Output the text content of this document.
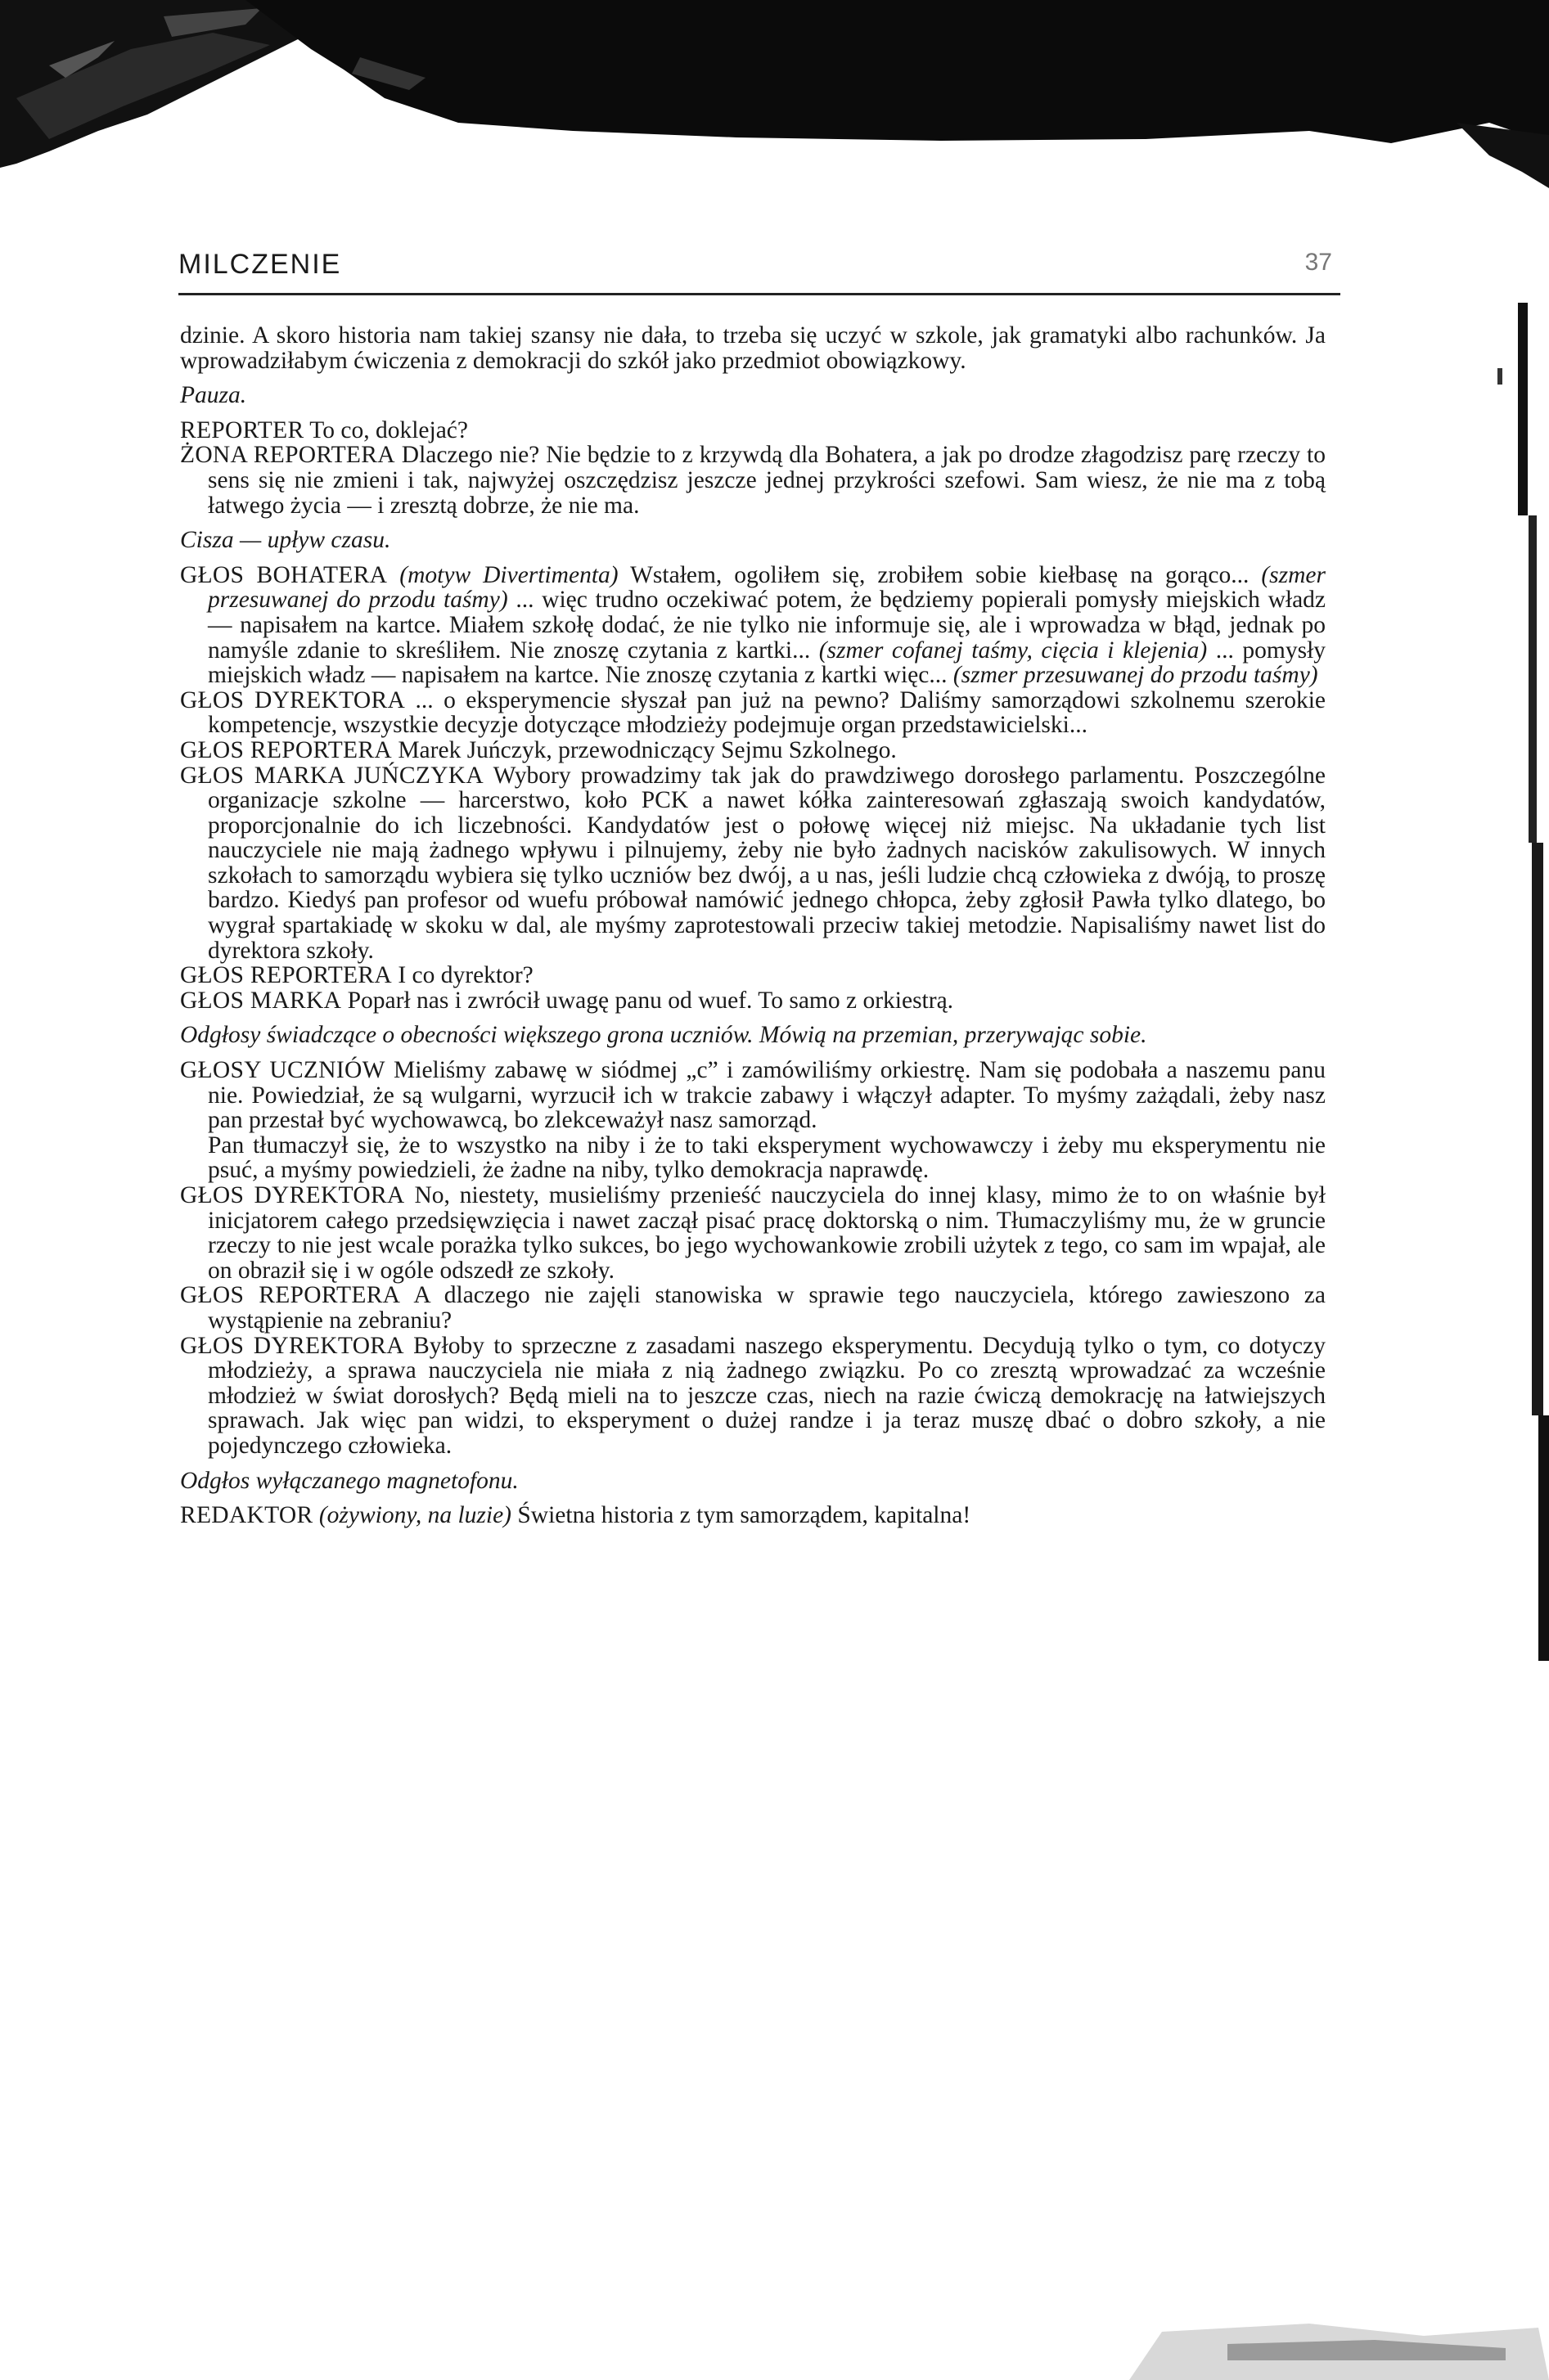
MILCZENIE	37

dzinie. A skoro historia nam takiej szansy nie dała, to trzeba się uczyć w szkole, jak gramatyki albo rachunków. Ja wprowadziłabym ćwiczenia z demokracji do szkół jako przedmiot obowiązkowy.

Pauza.

REPORTER To co, doklejać?

ŻONA REPORTERA Dlaczego nie? Nie będzie to z krzywdą dla Bohatera, a jak po drodze złagodzisz parę rzeczy to sens się nie zmieni i tak, najwyżej oszczędzisz jeszcze jednej przykrości szefowi. Sam wiesz, że nie ma z tobą łatwego życia — i zresztą dobrze, że nie ma.

Cisza — upływ czasu.

GŁOS BOHATERA (motyw Divertimenta) Wstałem, ogoliłem się, zrobiłem sobie kiełbasę na gorąco... (szmer przesuwanej do przodu taśmy) ... więc trudno oczekiwać potem, że będziemy popierali pomysły miejskich władz — napisałem na kartce. Miałem szkołę dodać, że nie tylko nie informuje się, ale i wprowadza w błąd, jednak po namyśle zdanie to skreśliłem. Nie znoszę czytania z kartki... (szmer cofanej taśmy, cięcia i klejenia) ... pomysły miejskich władz — napisałem na kartce. Nie znoszę czytania z kartki więc... (szmer przesuwanej do przodu taśmy)

GŁOS DYREKTORA ... o eksperymencie słyszał pan już na pewno? Daliśmy samorządowi szkolnemu szerokie kompetencje, wszystkie decyzje dotyczące młodzieży podejmuje organ przedstawicielski...

GŁOS REPORTERA Marek Juńczyk, przewodniczący Sejmu Szkolnego.

GŁOS MARKA JUŃCZYKA Wybory prowadzimy tak jak do prawdziwego dorosłego parlamentu. Poszczególne organizacje szkolne — harcerstwo, koło PCK a nawet kółka zainteresowań zgłaszają swoich kandydatów, proporcjonalnie do ich liczebności. Kandydatów jest o połowę więcej niż miejsc. Na układanie tych list nauczyciele nie mają żadnego wpływu i pilnujemy, żeby nie było żadnych nacisków zakulisowych. W innych szkołach to samorządu wybiera się tylko uczniów bez dwój, a u nas, jeśli ludzie chcą człowieka z dwóją, to proszę bardzo. Kiedyś pan profesor od wuefu próbował namówić jednego chłopca, żeby zgłosił Pawła tylko dlatego, bo wygrał spartakiadę w skoku w dal, ale myśmy zaprotestowali przeciw takiej metodzie. Napisaliśmy nawet list do dyrektora szkoły.

GŁOS REPORTERA I co dyrektor?

GŁOS MARKA Poparł nas i zwrócił uwagę panu od wuef. To samo z orkiestrą.

Odgłosy świadczące o obecności większego grona uczniów. Mówią na przemian, przerywając sobie.

GŁOSY UCZNIÓW Mieliśmy zabawę w siódmej „c” i zamówiliśmy orkiestrę. Nam się podobała a naszemu panu nie. Powiedział, że są wulgarni, wyrzucił ich w trakcie zabawy i włączył adapter. To myśmy zażądali, żeby nasz pan przestał być wychowawcą, bo zlekceważył nasz samorząd.

Pan tłumaczył się, że to wszystko na niby i że to taki eksperyment wychowawczy i żeby mu eksperymentu nie psuć, a myśmy powiedzieli, że żadne na niby, tylko demokracja naprawdę.

GŁOS DYREKTORA No, niestety, musieliśmy przenieść nauczyciela do innej klasy, mimo że to on właśnie był inicjatorem całego przedsięwzięcia i nawet zaczął pisać pracę doktorską o nim. Tłumaczyliśmy mu, że w gruncie rzeczy to nie jest wcale porażka tylko sukces, bo jego wychowankowie zrobili użytek z tego, co sam im wpajał, ale on obraził się i w ogóle odszedł ze szkoły.

GŁOS REPORTERA A dlaczego nie zajęli stanowiska w sprawie tego nauczyciela, którego zawieszono za wystąpienie na zebraniu?

GŁOS DYREKTORA Byłoby to sprzeczne z zasadami naszego eksperymentu. Decydują tylko o tym, co dotyczy młodzieży, a sprawa nauczyciela nie miała z nią żadnego związku. Po co zresztą wprowadzać za wcześnie młodzież w świat dorosłych? Będą mieli na to jeszcze czas, niech na razie ćwiczą demokrację na łatwiejszych sprawach. Jak więc pan widzi, to eksperyment o dużej randze i ja teraz muszę dbać o dobro szkoły, a nie pojedynczego człowieka.

Odgłos wyłączanego magnetofonu.

REDAKTOR (ożywiony, na luzie) Świetna historia z tym samorządem, kapitalna!
